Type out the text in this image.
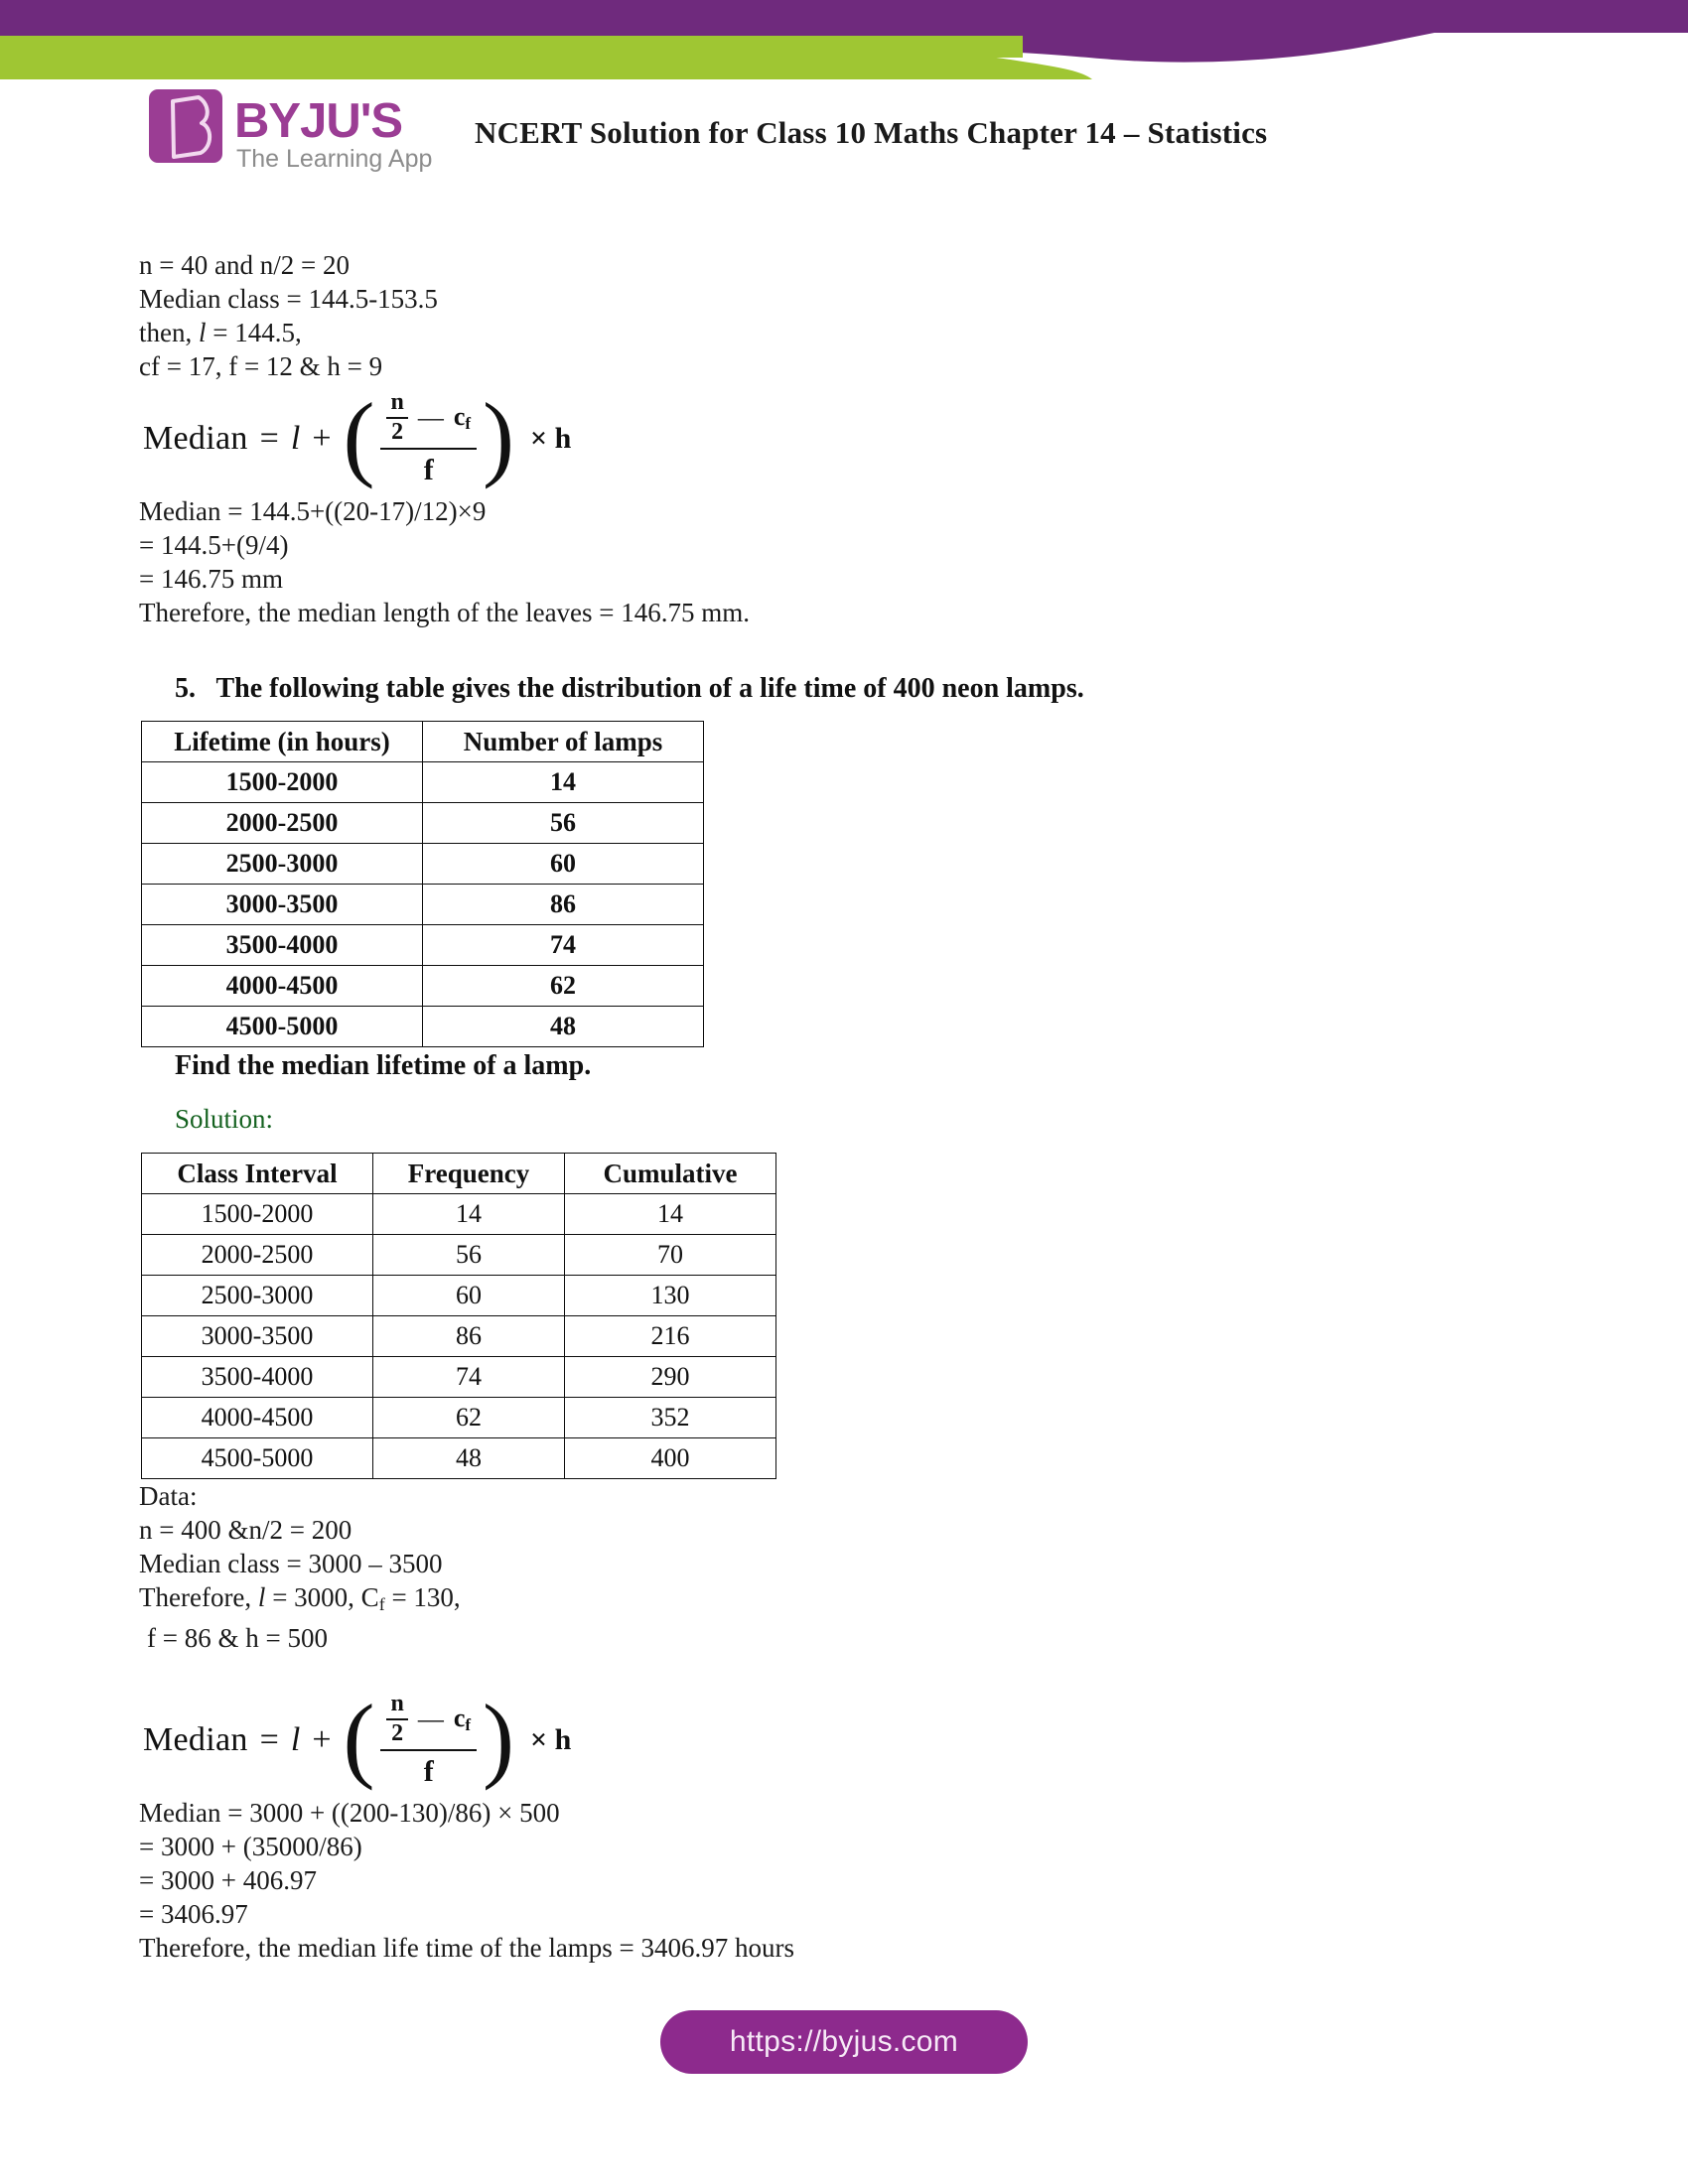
BYJU'S
The Learning App
NCERT Solution for Class 10 Maths Chapter 14 – Statistics
n = 40 and n/2 = 20
Median class = 144.5-153.5
then, l = 144.5,
cf = 17, f = 12 & h = 9
Median = l + ( $\frac{\frac{n}{2} — c_f}{f}$ ) × h
Median = 144.5+((20-17)/12)×9
= 144.5+(9/4)
= 146.75 mm
Therefore, the median length of the leaves = 146.75 mm.
5. The following table gives the distribution of a life time of 400 neon lamps.
Lifetime (in hours)	Number of lamps
1500-2000	14
2000-2500	56
2500-3000	60
3000-3500	86
3500-4000	74
4000-4500	62
4500-5000	48
Find the median lifetime of a lamp.
Solution:
Class Interval	Frequency	Cumulative
1500-2000	14	14
2000-2500	56	70
2500-3000	60	130
3000-3500	86	216
3500-4000	74	290
4000-4500	62	352
4500-5000	48	400
Data:
n = 400 &n/2 = 200
Median class = 3000 – 3500
Therefore, l = 3000, $C_f = 130$,
f = 86 & h = 500
Median = l + ( $\frac{\frac{n}{2} — c_f}{f}$ ) × h
Median = 3000 + ((200-130)/86) × 500
= 3000 + (35000/86)
= 3000 + 406.97
= 3406.97
Therefore, the median life time of the lamps = 3406.97 hours
https://byjus.com
